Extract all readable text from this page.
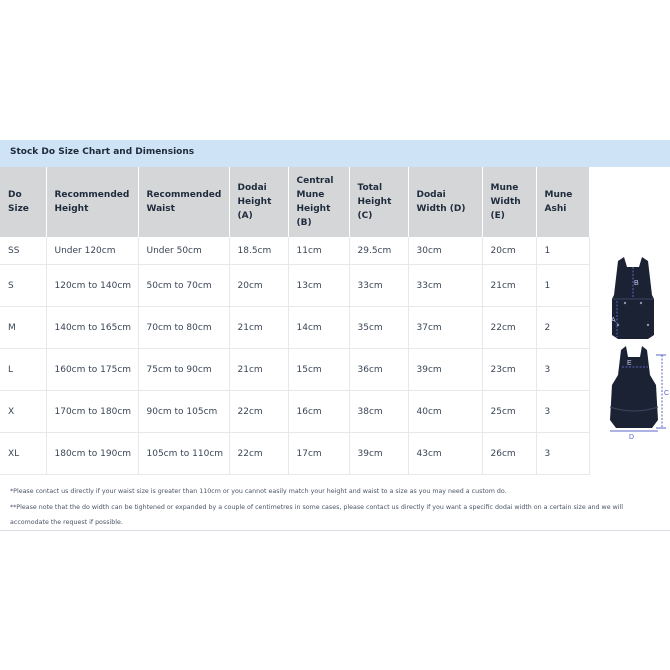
Stock Do Size Chart and Dimensions
Do Size	Recommended Height	Recommended Waist	Dodai Height (A)	Central Mune Height (B)	Total Height (C)	Dodai Width (D)	Mune Width (E)	Mune Ashi
SS	Under 120cm	Under 50cm	18.5cm	11cm	29.5cm	30cm	20cm	1
S	120cm to 140cm	50cm to 70cm	20cm	13cm	33cm	33cm	21cm	1
M	140cm to 165cm	70cm to 80cm	21cm	14cm	35cm	37cm	22cm	2
L	160cm to 175cm	75cm to 90cm	21cm	15cm	36cm	39cm	23cm	3
X	170cm to 180cm	90cm to 105cm	22cm	16cm	38cm	40cm	25cm	3
XL	180cm to 190cm	105cm to 110cm	22cm	17cm	39cm	43cm	26cm	3

*Please contact us directly if your waist size is greater than 110cm or you cannot easily match your height and waist to a size as you may need a custom do.

**Please note that the do width can be tightened or expanded by a couple of centimetres in some cases, please contact us directly if you want a specific dodai width on a certain size and we will accomodate the request if possible.

B
A
E
C
D
